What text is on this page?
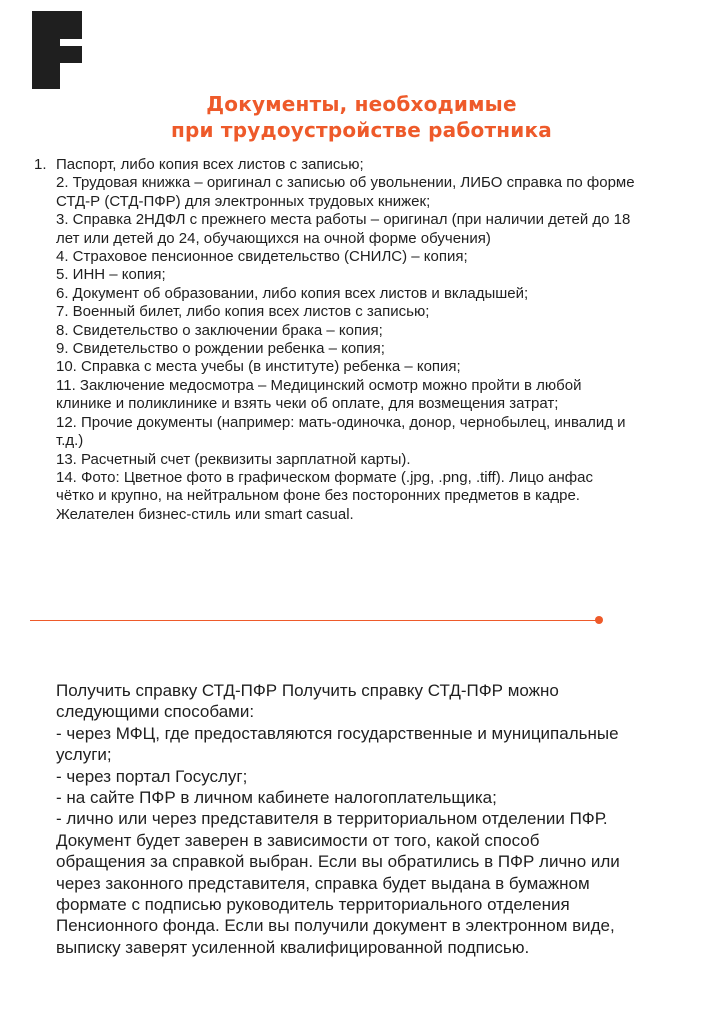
Документы, необходимые
при трудоустройстве работника
1. Паспорт, либо копия всех листов с записью;

2. Трудовая книжка – оригинал с записью об увольнении, ЛИБО справка по форме

СТД-Р (СТД-ПФР) для электронных трудовых книжек;

3. Справка 2НДФЛ с прежнего места работы – оригинал (при наличии детей до 18

лет или детей до 24, обучающихся на очной форме обучения)

4. Страховое пенсионное свидетельство (СНИЛС) – копия;

5. ИНН – копия;

6. Документ об образовании, либо копия всех листов и вкладышей;

7. Военный билет, либо копия всех листов с записью;

8. Свидетельство о заключении брака – копия;

9. Свидетельство о рождении ребенка – копия;

10. Справка с места учебы (в институте) ребенка – копия;

11. Заключение медосмотра – Медицинский осмотр можно пройти в любой

клинике и поликлинике и взять чеки об оплате, для возмещения затрат;

12. Прочие документы (например: мать-одиночка, донор, чернобылец, инвалид и

т.д.)

13. Расчетный счет (реквизиты зарплатной карты).

14. Фото: Цветное фото в графическом формате (.jpg, .png, .tiff). Лицо анфас

чётко и крупно, на нейтральном фоне без посторонних предметов в кадре.

Желателен бизнес-стиль или smart casual.

Получить справку СТД-ПФР Получить справку СТД-ПФР можно

следующими способами:

- через МФЦ, где предоставляются государственные и муниципальные

услуги;

- через портал Госуслуг;

- на сайте ПФР в личном кабинете налогоплательщика;

- лично или через представителя в территориальном отделении ПФР.

Документ будет заверен в зависимости от того, какой способ

обращения за справкой выбран. Если вы обратились в ПФР лично или

через законного представителя, справка будет выдана в бумажном

формате с подписью руководитель территориального отделения

Пенсионного фонда. Если вы получили документ в электронном виде,

выписку заверят усиленной квалифицированной подписью.
